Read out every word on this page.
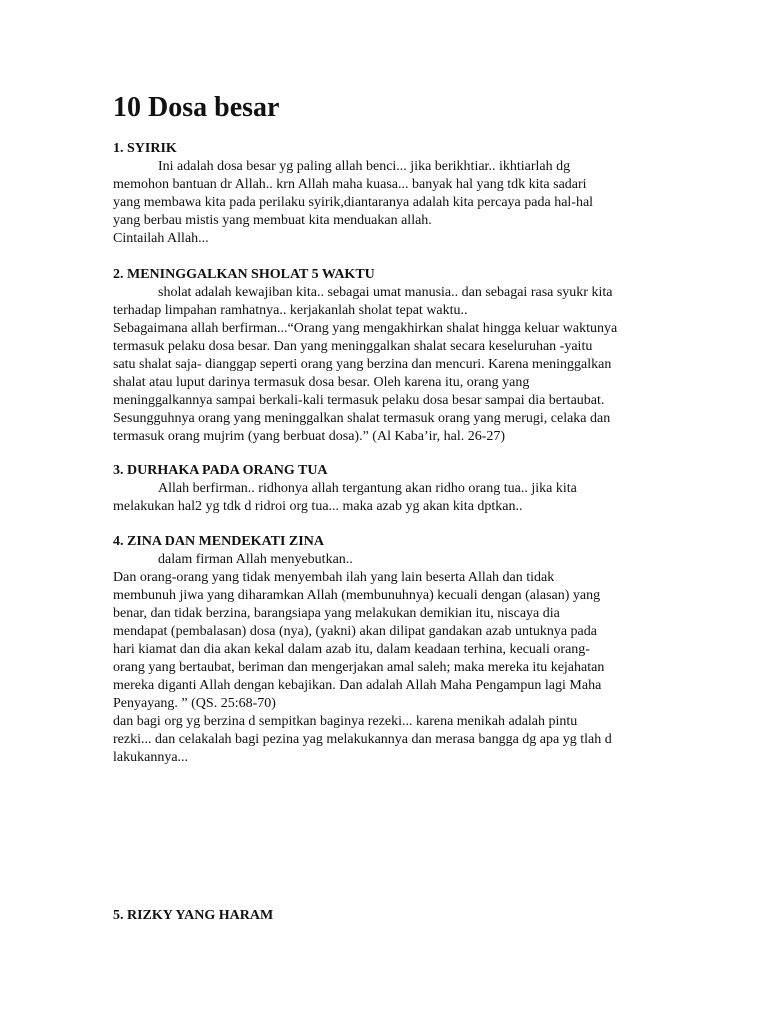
10 Dosa besar

1. SYIRIK

Ini adalah dosa besar yg paling allah benci... jika berikhtiar.. ikhtiarlah dg
memohon bantuan dr Allah.. krn Allah maha kuasa... banyak hal yang tdk kita sadari
yang membawa kita pada perilaku syirik,diantaranya adalah kita percaya pada hal-hal
yang berbau mistis yang membuat kita menduakan allah.
Cintailah Allah...

2. MENINGGALKAN SHOLAT 5 WAKTU

sholat adalah kewajiban kita.. sebagai umat manusia.. dan sebagai rasa syukr kita
terhadap limpahan ramhatnya.. kerjakanlah sholat tepat waktu..
Sebagaimana allah berfirman...“Orang yang mengakhirkan shalat hingga keluar waktunya
termasuk pelaku dosa besar. Dan yang meninggalkan shalat secara keseluruhan -yaitu
satu shalat saja- dianggap seperti orang yang berzina dan mencuri. Karena meninggalkan
shalat atau luput darinya termasuk dosa besar. Oleh karena itu, orang yang
meninggalkannya sampai berkali-kali termasuk pelaku dosa besar sampai dia bertaubat.
Sesungguhnya orang yang meninggalkan shalat termasuk orang yang merugi, celaka dan
termasuk orang mujrim (yang berbuat dosa).” (Al Kaba’ir, hal. 26-27)

3. DURHAKA PADA ORANG TUA

Allah berfirman.. ridhonya allah tergantung akan ridho orang tua.. jika kita
melakukan hal2 yg tdk d ridroi org tua... maka azab yg akan kita dptkan..

4. ZINA DAN MENDEKATI ZINA

dalam firman Allah menyebutkan..
Dan orang-orang yang tidak menyembah ilah yang lain beserta Allah dan tidak
membunuh jiwa yang diharamkan Allah (membunuhnya) kecuali dengan (alasan) yang
benar, dan tidak berzina, barangsiapa yang melakukan demikian itu, niscaya dia
mendapat (pembalasan) dosa (nya), (yakni) akan dilipat gandakan azab untuknya pada
hari kiamat dan dia akan kekal dalam azab itu, dalam keadaan terhina, kecuali orang-
orang yang bertaubat, beriman dan mengerjakan amal saleh; maka mereka itu kejahatan
mereka diganti Allah dengan kebajikan. Dan adalah Allah Maha Pengampun lagi Maha
Penyayang. ” (QS. 25:68-70)
dan bagi org yg berzina d sempitkan baginya rezeki... karena menikah adalah pintu
rezki... dan celakalah bagi pezina yag melakukannya dan merasa bangga dg apa yg tlah d
lakukannya...

5. RIZKY YANG HARAM
